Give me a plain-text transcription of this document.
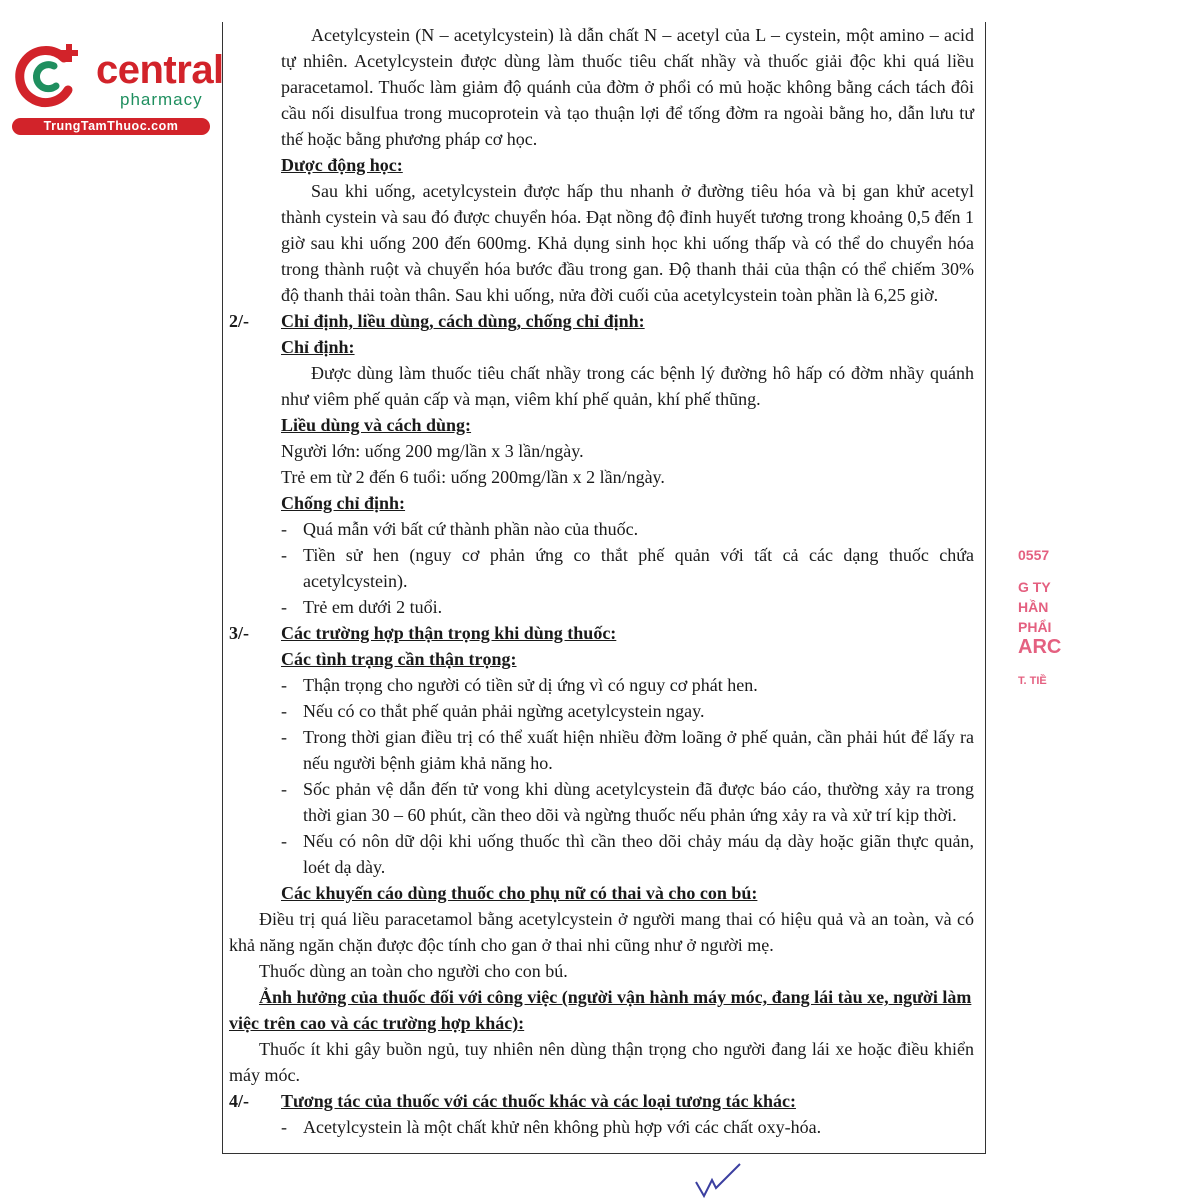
central
pharmacy
TrungTamThuoc.com

Acetylcystein (N – acetylcystein) là dẫn chất N – acetyl của L – cystein, một amino – acid tự nhiên. Acetylcystein được dùng làm thuốc tiêu chất nhầy và thuốc giải độc khi quá liều paracetamol. Thuốc làm giảm độ quánh của đờm ở phổi có mủ hoặc không bằng cách tách đôi cầu nối disulfua trong mucoprotein và tạo thuận lợi để tống đờm ra ngoài bằng ho, dẫn lưu tư thế hoặc bằng phương pháp cơ học.

Dược động học:

Sau khi uống, acetylcystein được hấp thu nhanh ở đường tiêu hóa và bị gan khử acetyl thành cystein và sau đó được chuyển hóa. Đạt nồng độ đỉnh huyết tương trong khoảng 0,5 đến 1 giờ sau khi uống 200 đến 600mg. Khả dụng sinh học khi uống thấp và có thể do chuyển hóa trong thành ruột và chuyển hóa bước đầu trong gan. Độ thanh thải của thận có thể chiếm 30% độ thanh thải toàn thân. Sau khi uống, nửa đời cuối của acetylcystein toàn phần là 6,25 giờ.

2/-	Chỉ định, liều dùng, cách dùng, chống chỉ định:

Chỉ định:

Được dùng làm thuốc tiêu chất nhầy trong các bệnh lý đường hô hấp có đờm nhầy quánh như viêm phế quản cấp và mạn, viêm khí phế quản, khí phế thũng.

Liều dùng và cách dùng:

Người lớn: uống 200 mg/lần x 3 lần/ngày.

Trẻ em từ 2 đến 6 tuổi: uống 200mg/lần x 2 lần/ngày.

Chống chỉ định:

- Quá mẫn với bất cứ thành phần nào của thuốc.
- Tiền sử hen (nguy cơ phản ứng co thắt phế quản với tất cả các dạng thuốc chứa acetylcystein).
- Trẻ em dưới 2 tuổi.
3/-	Các trường hợp thận trọng khi dùng thuốc:

Các tình trạng cần thận trọng:

- Thận trọng cho người có tiền sử dị ứng vì có nguy cơ phát hen.
- Nếu có co thắt phế quản phải ngừng acetylcystein ngay.
- Trong thời gian điều trị có thể xuất hiện nhiều đờm loãng ở phế quản, cần phải hút để lấy ra nếu người bệnh giảm khả năng ho.
- Sốc phản vệ dẫn đến tử vong khi dùng acetylcystein đã được báo cáo, thường xảy ra trong thời gian 30 – 60 phút, cần theo dõi và ngừng thuốc nếu phản ứng xảy ra và xử trí kịp thời.
- Nếu có nôn dữ dội khi uống thuốc thì cần theo dõi chảy máu dạ dày hoặc giãn thực quản, loét dạ dày.

Các khuyến cáo dùng thuốc cho phụ nữ có thai và cho con bú:

Điều trị quá liều paracetamol bằng acetylcystein ở người mang thai có hiệu quả và an toàn, và có khả năng ngăn chặn được độc tính cho gan ở thai nhi cũng như ở người mẹ.

Thuốc dùng an toàn cho người cho con bú.

Ảnh hưởng của thuốc đối với công việc (người vận hành máy móc, đang lái tàu xe, người làm việc trên cao và các trường hợp khác):

Thuốc ít khi gây buồn ngủ, tuy nhiên nên dùng thận trọng cho người đang lái xe hoặc điều khiển máy móc.

4/-	Tương tác của thuốc với các thuốc khác và các loại tương tác khác:
- Acetylcystein là một chất khử nên không phù hợp với các chất oxy-hóa.
0557
G TY
HẦN
PHẨI
ARC
T. TIỀ
